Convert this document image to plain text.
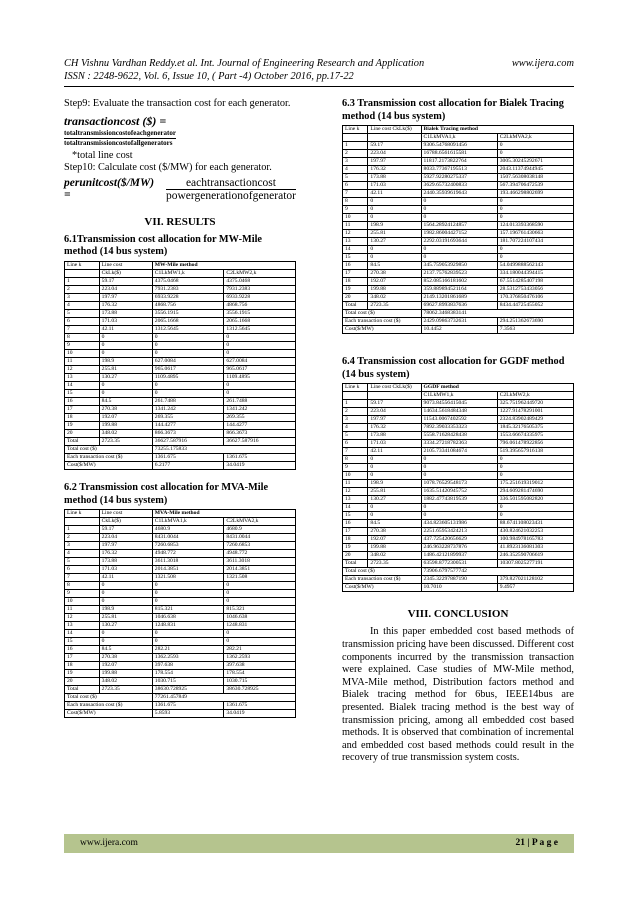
CH Vishnu Vardhan Reddy.et al. Int. Journal of Engineering Research and Application	www.ijera.com
ISSN : 2248-9622, Vol. 6, Issue 10, ( Part -4) October 2016, pp.17-22
Step9: Evaluate the transaction cost for each generator.
transactioncost ($) =
totaltransmissioncostofeachgenerator
totaltransmissioncostofallgenerators
*total line cost
Step10: Calculate cost ($/MW) for each generator.
perunitcost($/MW) =	$\frac{\text{eachtransactioncost}}{\text{powergenerationofgenerator}}$
VII. RESULTS
6.1Transmission cost allocation for MW-Mile method (14 bus system)
Line k	Line cost	MW-Mile method	
	CkLk($)	C1LkMW1,k	C2LkMW2,k
1	59.17	4375.0468	4375.0468
2	223.04	7931.2383	7931.2383
3	197.97	6933.9228	6933.9228
4	176.32	4868.756	4868.756
5	173.88	3556.1915	3556.1915
6	171.03	2065.1668	2065.1668
7	42.11	1312.5645	1312.5645
8	0	0	0
9	0	0	0
10	0	0	0
11	198.9	627.0084	627.0084
12	255.81	965.0617	965.0617
13	130.27	1109.4895	1109.4895
14	0	0	0
15	0	0	0
16	84.5	261.7488	261.7488
17	270.38	1341.242	1341.242
18	192.07	269.355	269.355
19	199.88	144.4277	144.4277
20	348.02	866.3673	866.3673
Total	2723.35	36627.587916	36627.587916
Total cost ($)		73255.175833	
Each transaction cost ($)		1361.675	1361.675
Cost($/MW)		6.2177	34.0419
6.2 Transmission cost allocation for MVA-Mile method (14 bus system)
Line k	Line cost	MVA-Mile method	
	CkLk($)	C1LkMVA1,k	C2LkMVA2,k
1	59.17	4680.9	4680.9
2	223.04	8431.0044	8431.0044
3	197.97	7260.6853	7260.6853
4	176.32	4948.772	4948.772
5	173.88	3611.3018	3611.3018
6	171.03	2014.3851	2014.3851
7	42.11	1321.508	1321.508
8	0	0	0
9	0	0	0
10	0	0	0
11	198.9	815.321	815.321
12	255.81	1046.638	1046.638
13	130.27	1248.831	1248.831
14	0	0	0
15	0	0	0
16	84.5	282.21	282.21
17	270.38	1362.2593	1362.2593
18	192.07	397.638	397.638
19	199.88	178.554	178.554
20	348.02	1030.715	1030.715
Total	2723.35	38630.728925	38630.728925
Total cost ($)		77261.457849	
Each transaction cost ($)		1361.675	1361.675
Cost($/MW)		5.8593	34.0419
6.3 Transmission cost allocation for Bialek Tracing method (14 bus system)
Line k	Line cost CkLk($)	Bialek Tracing method	
		C1LkMVA1,k	C2LkMVA2,k
1	59.17	9306.54768091456	0
2	223.04	16788.6561615581	0
3	197.97	11817.2173822764	3005.30245292671
4	176.32	8033.77367195513	2043.11374944945
5	173.88	5927.92280275337	1507.56308038148
6	171.03	3629.65732400833	567.394706472539
7	42.11	2440.35939619643	193.466298802699
8	0	0	0
9	0	0	0
10	0	0	0
11	198.9	1564.28924124857	124.013393368590
12	255.81	1982.86004427152	157.196761430663
13	130.27	2292.03191693644	181.707224107434
14	0	0	0
15	0	0	0
16	84.5	345.759053929850	54.0499888562143
17	270.38	2137.75762839523	334.180044394415
18	192.07	852.085166181602	67.5514285407198
19	199.88	359.889894521164	28.5312753433056
20	348.02	2149.13201861689	170.376850476106
Total	2723.35	69627.8993837636	8434.44725455052
Total cost ($)		78062.3468383141	
Each transaction cost ($)		2429.09863732631	294.251362673690
Cost($/MW)		10.4452	7.3563
6.4 Transmission cost allocation for GGDF method (14 bus system)
Line k	Line cost CkLk($)	GGDF method	
		C1LkMW1,k	C2LkMW2,k
1	59.17	9073.84556415045	325.751962449720
2	223.04	14634.5618484348	1227.91478291001
3	197.97	11543.0067402592	2324.83902489429
4	176.32	7892.39033353323	1845.32176505375
5	173.88	5558.71628428438	1553.66674335975
6	171.03	3334.27218782363	796.061478922856
7	42.11	2105.73341084674	519.395657916138
8	0	0	0
9	0	0	0
10	0	0	0
11	198.9	1078.76529548173	175.251619319012
12	255.81	1635.51420945752	294.609281474690
13	130.27	1882.47743819539	336.501595082820
14	0	0	0
15	0	0	0
16	84.5	434.823605131986	88.6741108023431
17	270.38	2251.65953424213	430.824621032253
18	192.07	437.725420656629	100.984978165783
19	199.88	246.963228737876	41.8923136081303
20	348.02	1486.42121899937	246.352590706619
Total	2723.35	63598.8772300531	10307.8025277191
Total cost ($)		73906.6797577742	
Each transaction cost ($)		2345.32297887190	379.827021128102
Cost($/MW)		10.7010	9.4957
VIII. CONCLUSION
In this paper embedded cost based methods of transmission pricing have been discussed. Different cost components incurred by the transmission transaction were explained. Case studies of MW-Mile method, MVA-Mile method, Distribution factors method and Bialek tracing method for 6bus, IEEE14bus are presented. Bialek tracing method is the best way of transmission pricing, among all embedded cost based methods. It is observed that combination of incremental and embedded cost based methods could result in the recovery of true transmission system costs.
www.ijera.com	21 | P a g e
